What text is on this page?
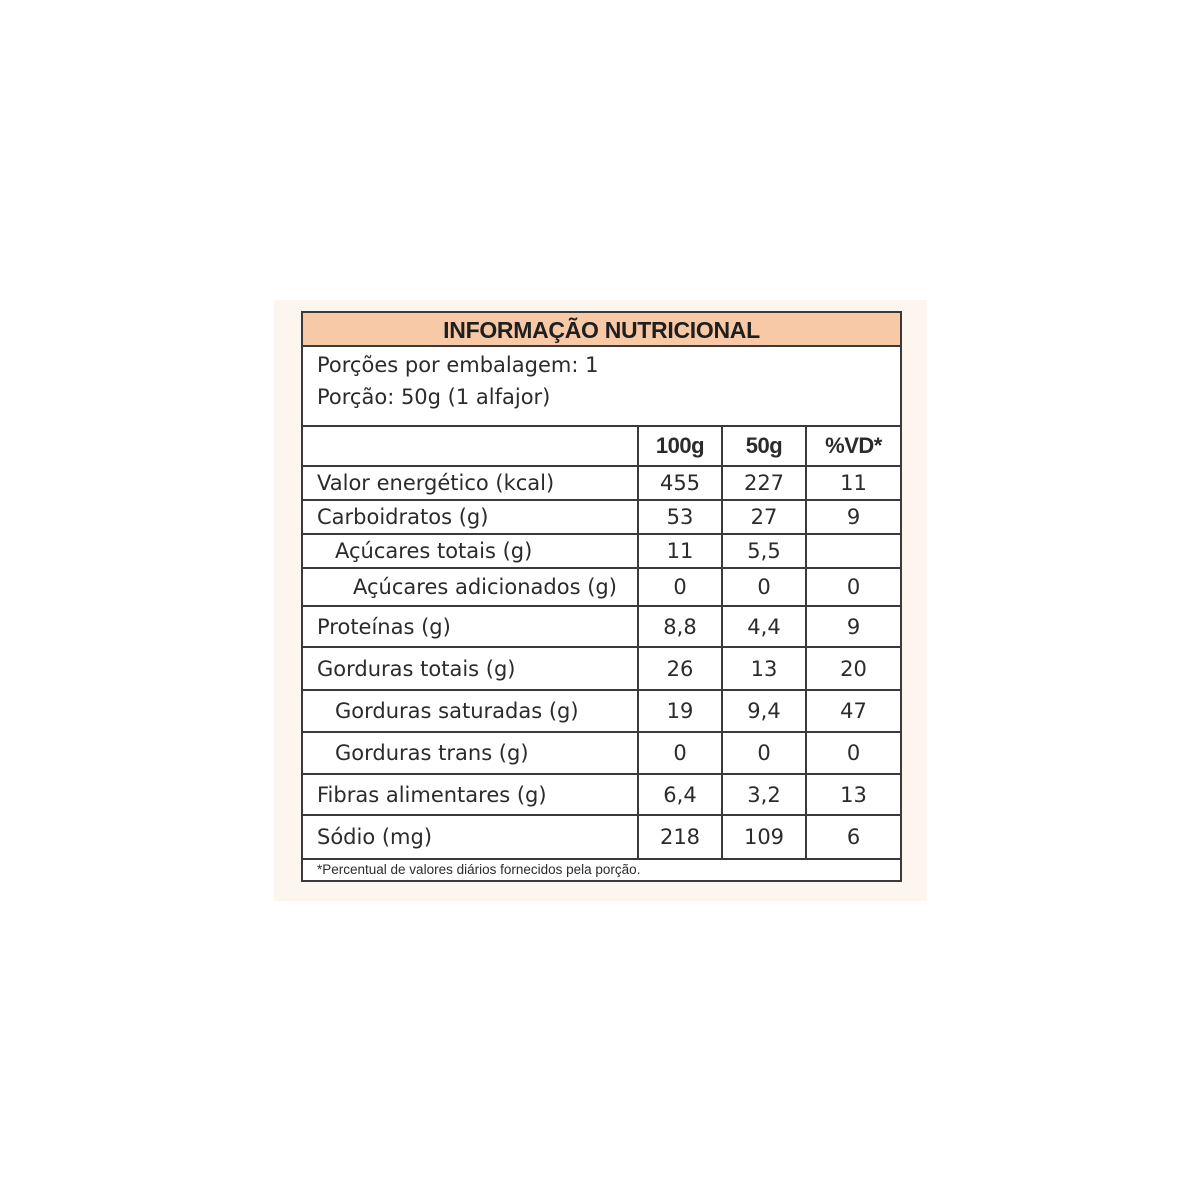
INFORMAÇÃO NUTRICIONAL
Porções por embalagem: 1
Porção: 50g (1 alfajor)
	100g	50g	%VD*
Valor energético (kcal)	455	227	11
Carboidratos (g)	53	27	9
Açúcares totais (g)	11	5,5	
Açúcares adicionados (g)	0	0	0
Proteínas (g)	8,8	4,4	9
Gorduras totais (g)	26	13	20
Gorduras saturadas (g)	19	9,4	47
Gorduras trans (g)	0	0	0
Fibras alimentares (g)	6,4	3,2	13
Sódio (mg)	218	109	6
*Percentual de valores diários fornecidos pela porção.
